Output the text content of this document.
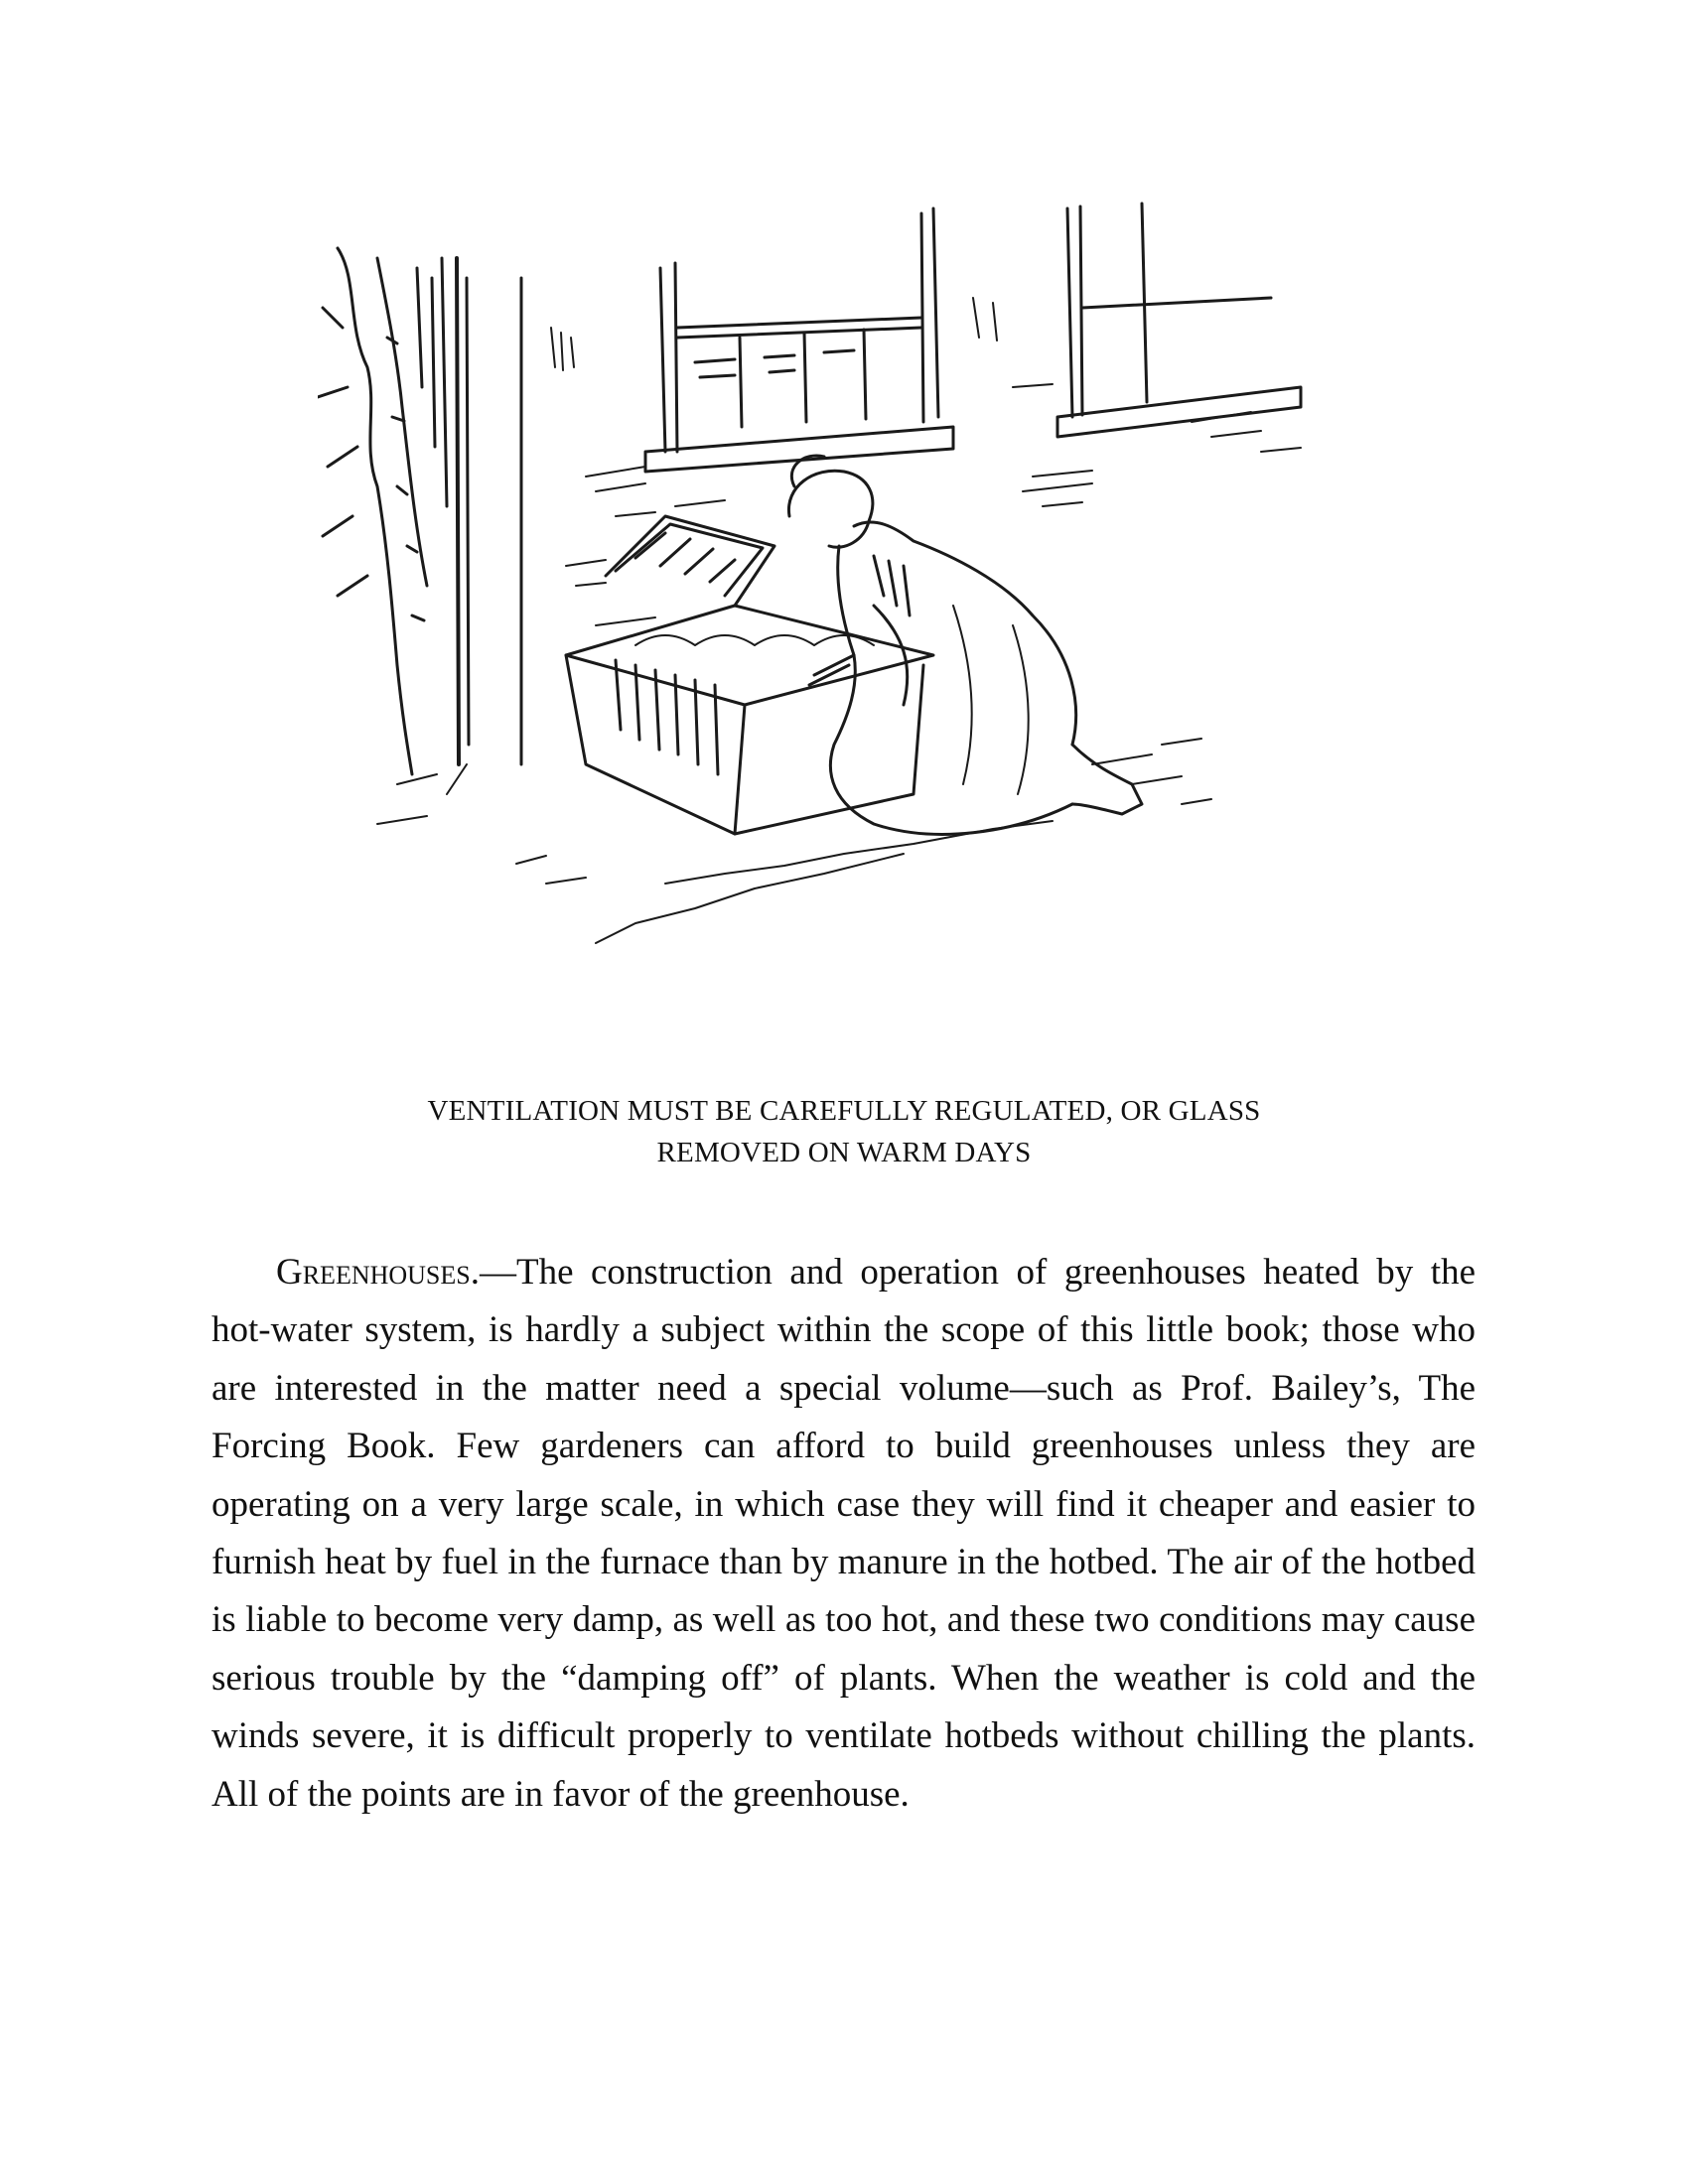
VENTILATION MUST BE CAREFULLY REGULATED, OR GLASS
REMOVED ON WARM DAYS

Greenhouses.—The construction and operation of greenhouses heated by the hot-water system, is hardly a subject within the scope of this little book; those who are interested in the matter need a special volume—such as Prof. Bailey’s, The Forcing Book. Few gardeners can afford to build greenhouses unless they are operating on a very large scale, in which case they will find it cheaper and easier to furnish heat by fuel in the furnace than by manure in the hotbed. The air of the hotbed is liable to become very damp, as well as too hot, and these two conditions may cause serious trouble by the “damping off” of plants. When the weather is cold and the winds severe, it is difficult properly to ventilate hotbeds without chilling the plants. All of the points are in favor of the greenhouse.
